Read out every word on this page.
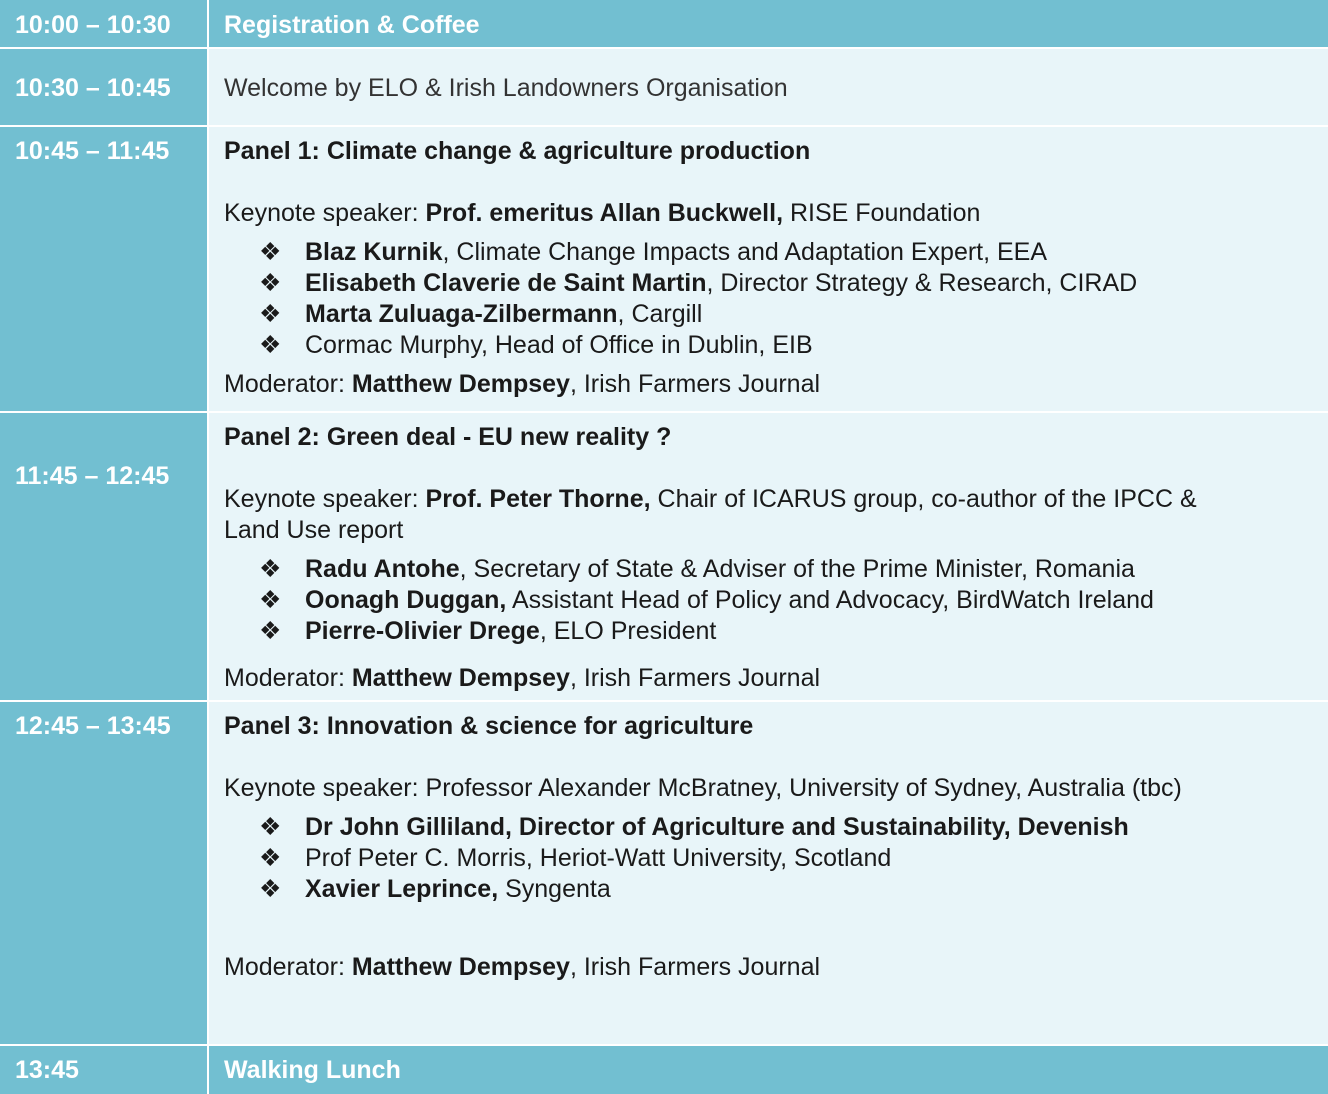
10:00 – 10:30 Registration & Coffee
10:30 – 10:45 Welcome by ELO & Irish Landowners Organisation
10:45 – 11:45 Panel 1: Climate change & agriculture production
Keynote speaker: Prof. emeritus Allan Buckwell, RISE Foundation
❖ Blaz Kurnik, Climate Change Impacts and Adaptation Expert, EEA
❖ Elisabeth Claverie de Saint Martin, Director Strategy & Research, CIRAD
❖ Marta Zuluaga-Zilbermann, Cargill
❖ Cormac Murphy, Head of Office in Dublin, EIB
Moderator: Matthew Dempsey, Irish Farmers Journal
11:45 – 12:45
Panel 2: Green deal - EU new reality ?
Keynote speaker: Prof. Peter Thorne, Chair of ICARUS group, co-author of the IPCC &
Land Use report
❖ Radu Antohe, Secretary of State & Adviser of the Prime Minister, Romania
❖ Oonagh Duggan, Assistant Head of Policy and Advocacy, BirdWatch Ireland
❖ Pierre-Olivier Drege, ELO President
Moderator: Matthew Dempsey, Irish Farmers Journal
12:45 – 13:45 Panel 3: Innovation & science for agriculture
Keynote speaker: Professor Alexander McBratney, University of Sydney, Australia (tbc)
❖ Dr John Gilliland, Director of Agriculture and Sustainability, Devenish
❖ Prof Peter C. Morris, Heriot-Watt University, Scotland
❖ Xavier Leprince, Syngenta
Moderator: Matthew Dempsey, Irish Farmers Journal
13:45	Walking Lunch
